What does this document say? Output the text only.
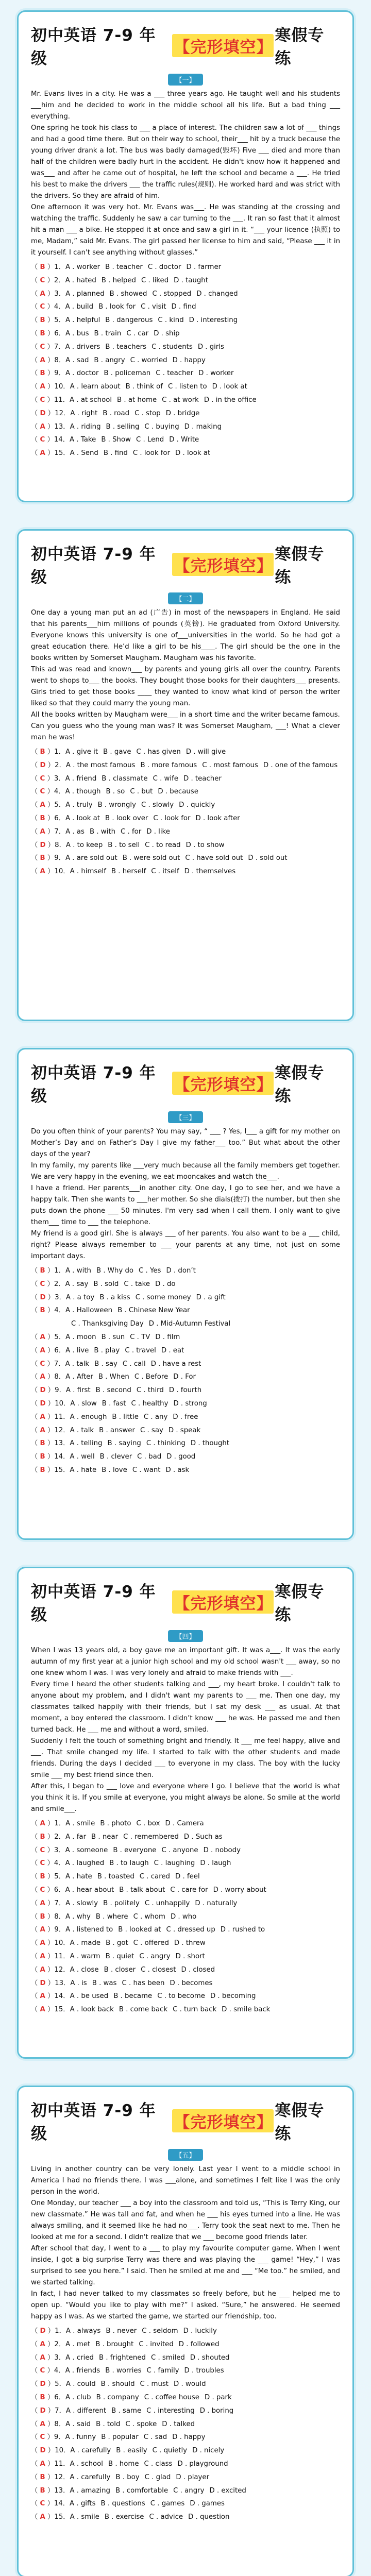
初中英语 7-9 年级
【完形填空】
寒假专练
【一】

Mr. Evans lives in a city. He was a ___ three years ago. He taught well and his students ___him and he decided to work in the middle school all his life. But a bad thing ___ everything.

One spring he took his class to ___ a place of interest. The children saw a lot of ___ things and had a good time there. But on their way to school, their___ hit by a truck because the young driver drank a lot. The bus was badly damaged(毁坏) Five ___ died and more than half of the children were badly hurt in the accident. He didn't know how it happened and was___ and after he came out of hospital, he left the school and became a ___. He tried his best to make the drivers ___ the traffic rules(规则). He worked hard and was strict with the drivers. So they are afraid of him.

One afternoon it was very hot. Mr. Evans was___. He was standing at the crossing and watching the traffic. Suddenly he saw a car turning to the ___. It ran so fast that it almost hit a man ___ a bike. He stopped it at once and saw a girl in it. “___ your licence (执照) to me, Madam,” said Mr. Evans. The girl passed her license to him and said, “Please ___ it in it yourself. I can't see anything without glasses.”

（ B ）1．A . worker B . teacher C . doctor D . farmer
（ C ）2．A . hated B . helped C . liked D . taught
（ A ）3．A . planned B . showed C . stopped D . changed
（ C ）4．A . build B . look for C . visit D . find
（ B ）5．A . helpful B . dangerous C . kind D . interesting
（ B ）6．A . bus B . train C . car D . ship
（ C ）7．A . drivers B . teachers C . students D . girls
（ A ）8．A . sad B . angry C . worried D . happy
（ B ）9．A . doctor B . policeman C . teacher D . worker
（ A ）10．A . learn about B . think of C . listen to D . look at
（ C ）11．A . at school B . at home C . at work D . in the office
（ D ）12．A . right B . road C . stop D . bridge
（ A ）13．A . riding B . selling C . buying D . making
（ C ）14．A . Take B . Show C . Lend D . Write
（ A ）15．A . Send B . find C . look for D . look at
初中英语 7-9 年级
【完形填空】
寒假专练
【二】

One day a young man put an ad (广告) in most of the newspapers in England. He said that his parents___him millions of pounds (英镑). He graduated from Oxford University. Everyone knows this university is one of___universities in the world. So he had got a great education there. He’d like a girl to be his____. The girl should be the one in the books written by Somerset Maugham. Maugham was his favorite.

This ad was read and known___ by parents and young girls all over the country. Parents went to shops to___ the books. They bought those books for their daughters___ presents. Girls tried to get those books ____ they wanted to know what kind of person the writer liked so that they could marry the young man.

All the books written by Maugham were___ in a short time and the writer became famous.

Can you guess who the young man was? It was Somerset Maugham, ___! What a clever man he was!

（ B ）1．A . give it B . gave C . has given D . will give
（ D ）2．A . the most famous B . more famous C . most famous D . one of the famous
（ C ）3．A . friend B . classmate C . wife D . teacher
（ C ）4．A . though B . so C . but D . because
（ A ）5．A . truly B . wrongly C . slowly D . quickly
（ B ）6．A . look at B . look over C . look for D . look after
（ A ）7．A . as B . with C . for D . like
（ D ）8．A . to keep B . to sell C . to read D . to show
（ B ）9．A . are sold out B . were sold out C . have sold out D . sold out
（ A ）10．A . himself B . herself C . itself D . themselves
初中英语 7-9 年级
【完形填空】
寒假专练
【三】

Do you often think of your parents? You may say, “ ___ ? Yes, I___ a gift for my mother on Mother’s Day and on Father’s Day I give my father___ too.” But what about the other days of the year?

In my family, my parents like ___very much because all the family members get together. We are very happy in the evening, we eat mooncakes and watch the___.

I have a friend. Her parents___in another city. One day, I go to see her, and we have a happy talk. Then she wants to ___her mother. So she dials(拨打) the number, but then she puts down the phone ___ 50 minutes. I'm very sad when I call them. I only want to give them___ time to ___ the telephone.

My friend is a good girl. She is always ___ of her parents. You also want to be a ___ child, right? Please always remember to ___ your parents at any time, not just on some important days.

（ B ）1．A . with B . Why do C . Yes D . don’t
（ C ）2．A . say B . sold C . take D . do
（ D ）3．A . a toy B . a kiss C . some money D . a gift
（ B ）4．A . Halloween B . Chinese New Year
C . Thanksgiving Day D . Mid-Autumn Festival
（ A ）5．A . moon B . sun C . TV D . film
（ A ）6．A . live B . play C . travel D . eat
（ C ）7．A . talk B . say C . call D . have a rest
（ A ）8．A . After B . When C . Before D . For
（ D ）9．A . first B . second C . third D . fourth
（ D ）10．A . slow B . fast C . healthy D . strong
（ A ）11．A . enough B . little C . any D . free
（ A ）12．A . talk B . answer C . say D . speak
（ B ）13．A . telling B . saying C . thinking D . thought
（ B ）14．A . well B . clever C . bad D . good
（ B ）15．A . hate B . love C . want D . ask
初中英语 7-9 年级
【完形填空】
寒假专练
【四】

When I was 13 years old, a boy gave me an important gift. It was a___. It was the early autumn of my first year at a junior high school and my old school wasn't ___ away, so no one knew whom I was. I was very lonely and afraid to make friends with ___.

Every time I heard the other students talking and ___, my heart broke. I couldn't talk to anyone about my problem, and I didn't want my parents to ___ me. Then one day, my classmates talked happily with their friends, but I sat my desk ___ as usual. At that moment, a boy entered the classroom. I didn’t know ___ he was. He passed me and then turned back. He ___ me and without a word, smiled.

Suddenly I felt the touch of something bright and friendly. It ___ me feel happy, alive and ___. That smile changed my life. I started to talk with the other students and made friends. During the days I decided ___ to everyone in my class. The boy with the lucky smile ___ my best friend since then.

After this, I began to ___ love and everyone where I go. I believe that the world is what you think it is. If you smile at everyone, you might always be alone. So smile at the world and smile___.

（ A ）1．A . smile B . photo C . box D . Camera
（ B ）2．A . far B . near C . remembered D . Such as
（ C ）3．A . someone B . everyone C . anyone D . nobody
（ C ）4．A . laughed B . to laugh C . laughing D . laugh
（ B ）5．A . hate B . toasted C . cared D . feel
（ C ）6．A . hear about B . talk about C . care for D . worry about
（ A ）7．A . slowly B . politely C . unhappily D . naturally
（ B ）8．A . why B . where C . whom D . who
（ A ）9．A . listened to B . looked at C . dressed up D . rushed to
（ A ）10．A . made B . got C . offered D . threw
（ A ）11．A . warm B . quiet C . angry D . short
（ A ）12．A . close B . closer C . closest D . closed
（ D ）13．A . is B . was C . has been D . becomes
（ A ）14．A . be used B . became C . to become D . becoming
（ A ）15．A . look back B . come back C . turn back D . smile back
初中英语 7-9 年级
【完形填空】
寒假专练
【五】

Living in another country can be very lonely. Last year I went to a middle school in America I had no friends there. I was ___alone, and sometimes I felt like I was the only person in the world.

One Monday, our teacher ___ a boy into the classroom and told us, “This is Terry King, our new classmate.” He was tall and fat, and when he ___ his eyes turned into a line. He was always smiling, and it seemed like he had no___. Terry took the seat next to me. Then he looked at me for a second. I didn't realize that we ___ become good friends later.

After school that day, I went to a ___ to play my favourite computer game. When I went inside, I got a big surprise Terry was there and was playing the ___ game! “Hey,” I was surprised to see you here.” I said. Then he smiled at me and ___ “Me too.” he smiled, and we started talking.

In fact, I had never talked to my classmates so freely before, but he ___ helped me to open up. “Would you like to play with me?” I asked. “Sure,” he answered. He seemed happy as I was. As we started the game, we started our friendship, too.

（ D ）1．A . always B . never C . seldom D . luckily
（ A ）2．A . met B . brought C . invited D . followed
（ A ）3．A . cried B . frightened C . smiled D . shouted
（ C ）4．A . friends B . worries C . family D . troubles
（ D ）5．A . could B . should C . must D . would
（ B ）6．A . club B . company C . coffee house D . park
（ D ）7．A . different B . same C . interesting D . boring
（ A ）8．A . said B . told C . spoke D . talked
（ C ）9．A . funny B . popular C . sad D . happy
（ D ）10．A . carefully B . easily C . quietly D . nicely
（ A ）11．A . school B . home C . class D . playground
（ B ）12．A . carefully B . boy C . glad D . player
（ B ）13．A . amazing B . comfortable C . angry D . excited
（ C ）14．A . gifts B . questions C . games D . games
（ A ）15．A . smile B . exercise C . advice D . question
